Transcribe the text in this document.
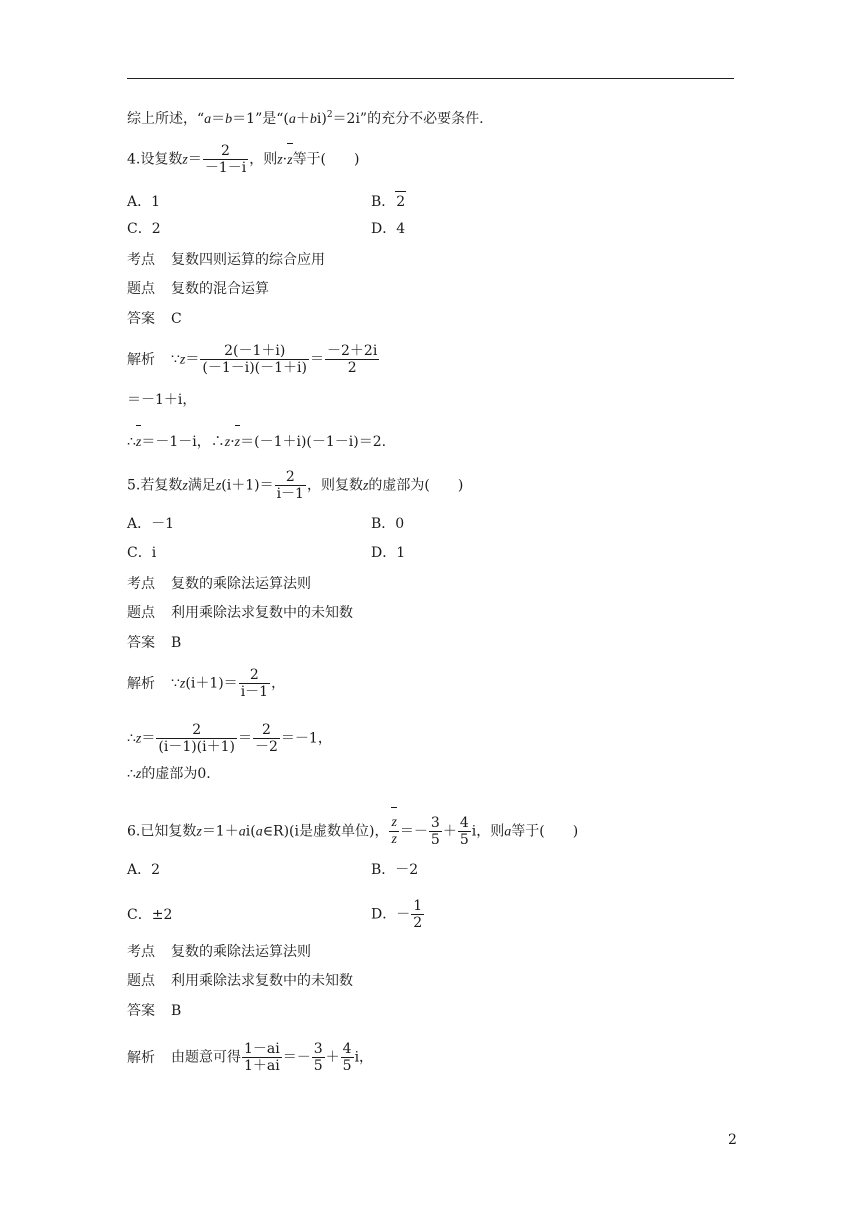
综上所述，“a＝b＝1”是“$(a+bi)^2=2i$”的充分不必要条件.
4.设复数$z= \frac{2}{-1-i}$ ，则z·z等于(　　)
A．1	B．2
C．2	D．4
考点 复数四则运算的综合应用
题点 复数的混合运算
答案 C
解析 ∵z＝ $\frac{2(-1+i)}{(-1-i)(-1+i)} = \frac{-2+2i}{2}$
＝－1＋i，
∴z＝－1－i，∴z·z＝(－1＋i)(－1－i)＝2.
5.若复数z满足$z(i+1)= \frac{2}{i-1}$ ，则复数z的虚部为(　　)
A．－1	B．0
C．i	D．1
考点 复数的乘除法运算法则
题点 利用乘除法求复数中的未知数
答案 B
解析 ∵z(i＋1)＝ $\frac{2}{i-1}$ ，
∴z＝ $\frac{2}{(i-1)(i+1)} = \frac{2}{-2} =-1$，
∴z的虚部为0.
6.已知复数z＝1＋ai(a∈R)(i是虚数单位)， $\frac{z}{z} =- \frac{3}{5} + \frac{4}{5}$ i，则a等于(　　)
A．2	B．－2
C．±2	D．－ $\frac{1}{2}$
考点 复数的乘除法运算法则
题点 利用乘除法求复数中的未知数
答案 B
解析 由题意可得 $\frac{1-ai}{1+ai} =- \frac{3}{5} + \frac{4}{5}$ i，
2
